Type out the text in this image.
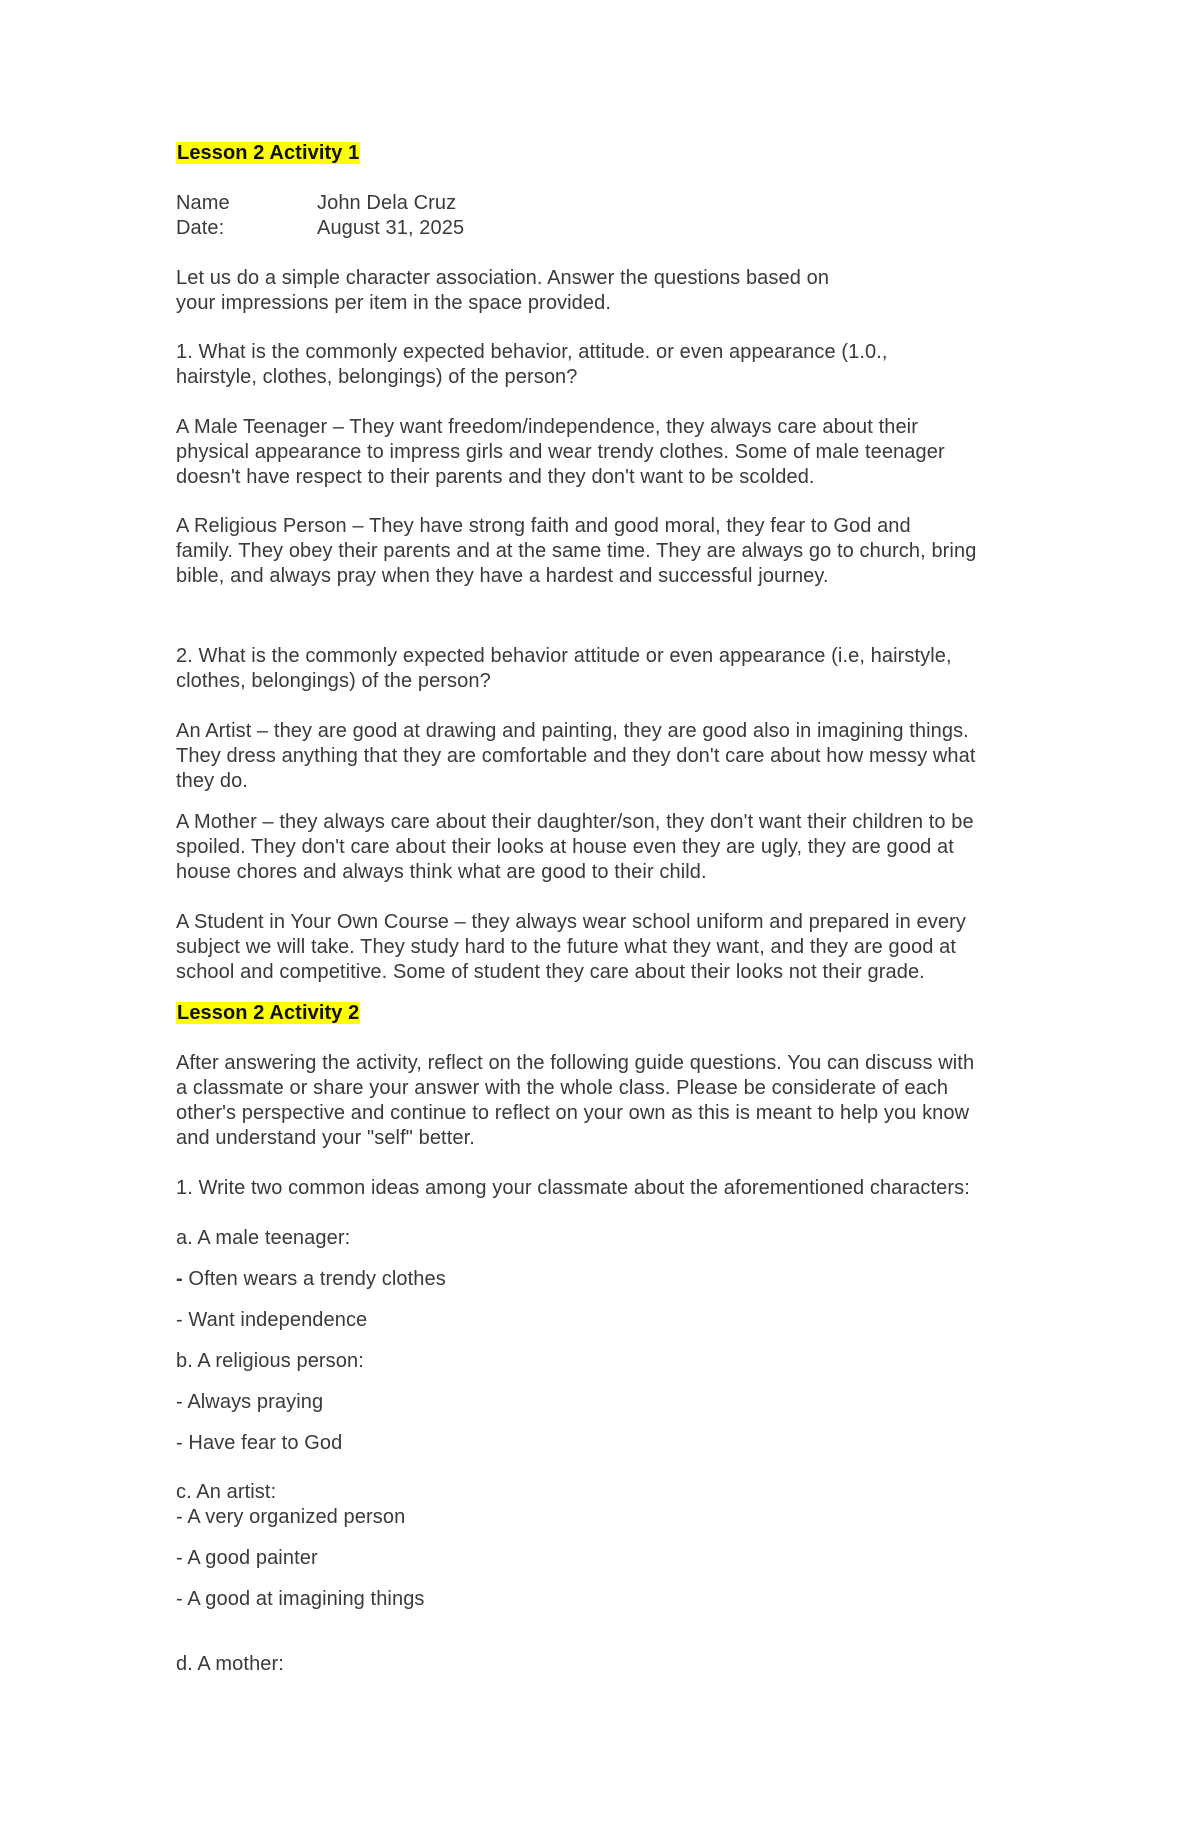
Lesson 2 Activity 1
Name	John Dela Cruz
Date:	August 31, 2025
Let us do a simple character association. Answer the questions based on
your impressions per item in the space provided.
1. What is the commonly expected behavior, attitude. or even appearance (1.0.,
hairstyle, clothes, belongings) of the person?
A Male Teenager – They want freedom/independence, they always care about their
physical appearance to impress girls and wear trendy clothes. Some of male teenager
doesn't have respect to their parents and they don't want to be scolded.
A Religious Person – They have strong faith and good moral, they fear to God and
family. They obey their parents and at the same time. They are always go to church, bring
bible, and always pray when they have a hardest and successful journey.
2. What is the commonly expected behavior attitude or even appearance (i.e, hairstyle,
clothes, belongings) of the person?
An Artist – they are good at drawing and painting, they are good also in imagining things.
They dress anything that they are comfortable and they don't care about how messy what
they do.
A Mother – they always care about their daughter/son, they don't want their children to be
spoiled. They don't care about their looks at house even they are ugly, they are good at
house chores and always think what are good to their child.
A Student in Your Own Course – they always wear school uniform and prepared in every
subject we will take. They study hard to the future what they want, and they are good at
school and competitive. Some of student they care about their looks not their grade.
Lesson 2 Activity 2
After answering the activity, reflect on the following guide questions. You can discuss with
a classmate or share your answer with the whole class. Please be considerate of each
other's perspective and continue to reflect on your own as this is meant to help you know
and understand your "self" better.
1. Write two common ideas among your classmate about the aforementioned characters:
a. A male teenager:
- Often wears a trendy clothes
- Want independence
b. A religious person:
- Always praying
- Have fear to God
c. An artist:
- A very organized person
- A good painter
- A good at imagining things
d. A mother:
